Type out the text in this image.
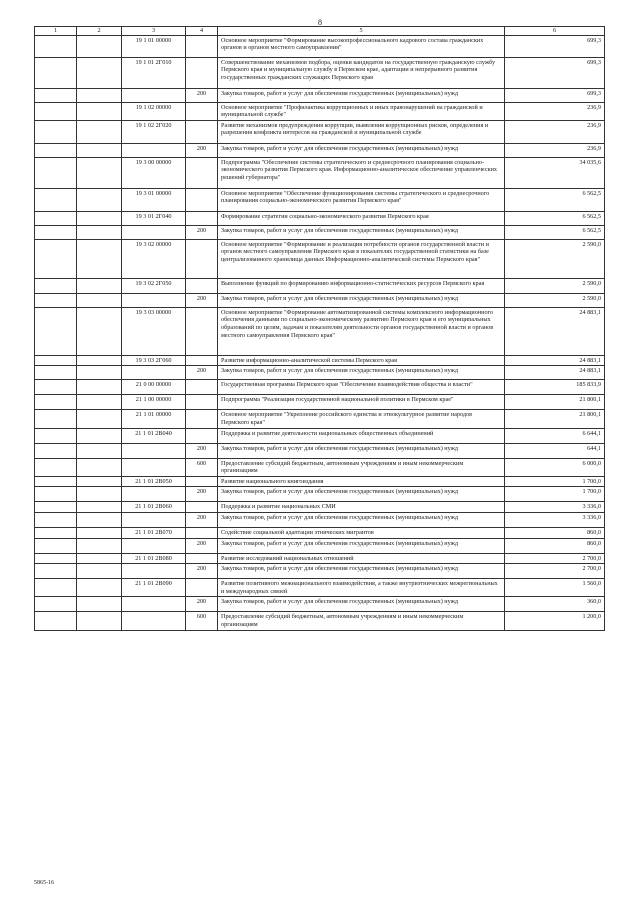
8
1	2	3	4	5	6
		19 1 01 00000		Основное мероприятие "Формирование высокопрофессионального кадрового состава гражданских органов и органов местного самоуправления"	699,3
		19 1 01 2Г010		Совершенствование механизмов подбора, оценки кандидатов на государственную гражданскую службу Пермского края и муниципальную службу в Пермском крае, адаптации и непрерывного развития государственных гражданских служащих Пермского края	699,3
			200	Закупка товаров, работ и услуг для обеспечения государственных (муниципальных) нужд	699,3
		19 1 02 00000		Основное мероприятие "Профилактика коррупционных и иных правонарушений на гражданской и муниципальной службе"	236,9
		19 1 02 2Г020		Развитие механизмов предупреждения коррупции, выявления коррупционных рисков, определения и разрешения конфликта интересов на гражданской и муниципальной службе	236,9
			200	Закупка товаров, работ и услуг для обеспечения государственных (муниципальных) нужд	236,9
		19 3 00 00000		Подпрограмма "Обеспечение системы стратегического и среднесрочного планирования социально-экономического развития Пермского края. Информационно-аналитическое обеспечение управленческих решений губернатора"	34 035,6
		19 3 01 00000		Основное мероприятие "Обеспечение функционирования системы стратегического и среднесрочного планирования социально-экономического развития Пермского края"	6 562,5
		19 3 01 2Г040		Формирование стратегии социально-экономического развития Пермского края	6 562,5
			200	Закупка товаров, работ и услуг для обеспечения государственных (муниципальных) нужд	6 562,5
		19 3 02 00000		Основное мероприятие "Формирование и реализация потребности органов государственной власти и органов местного самоуправления Пермского края в показателях государственной статистики на базе централизованного хранилища данных Информационно-аналитической системы Пермского края"	2 590,0
		19 3 02 2Г050		Выполнение функций по формированию информационно-статистических ресурсов Пермского края	2 590,0
			200	Закупка товаров, работ и услуг для обеспечения государственных (муниципальных) нужд	2 590,0
		19 3 03 00000		Основное мероприятие "Формирование автоматизированной системы комплексного информационного обеспечения данными по социально-экономическому развитию Пермского края и его муниципальных образований по целям, задачам и показателям деятельности органов государственной власти и органов местного самоуправления Пермского края"	24 883,1
		19 3 03 2Г060		Развитие информационно-аналитической системы Пермского края	24 883,1
			200	Закупка товаров, работ и услуг для обеспечения государственных (муниципальных) нужд	24 883,1
		21 0 00 00000		Государственная программа Пермского края "Обеспечение взаимодействия общества и власти"	185 833,9
		21 1 00 00000		Подпрограмма "Реализация государственной национальной политики в Пермском крае"	21 800,1
		21 1 01 00000		Основное мероприятие "Укрепление российского единства и этнокультурное развитие народов Пермского края"	21 800,1
		21 1 01 2В040		Поддержка и развитие деятельности национальных общественных объединений	6 644,1
			200	Закупка товаров, работ и услуг для обеспечения государственных (муниципальных) нужд	644,1
			600	Предоставление субсидий бюджетным, автономным учреждениям и иным некоммерческим организациям	6 000,0
		21 1 01 2В050		Развитие национального книгоиздания	1 700,0
			200	Закупка товаров, работ и услуг для обеспечения государственных (муниципальных) нужд	1 700,0
		21 1 01 2В060		Поддержка и развитие национальных СМИ	3 336,0
			200	Закупка товаров, работ и услуг для обеспечения государственных (муниципальных) нужд	3 336,0
		21 1 01 2В070		Содействие социальной адаптации этнических мигрантов	860,0
			200	Закупка товаров, работ и услуг для обеспечения государственных (муниципальных) нужд	860,0
		21 1 01 2В080		Развитие исследований национальных отношений	2 700,0
			200	Закупка товаров, работ и услуг для обеспечения государственных (муниципальных) нужд	2 700,0
		21 1 01 2В090		Развитие позитивного межнационального взаимодействия, а также внутриэтнических межрегиональных и международных связей	1 560,0
			200	Закупка товаров, работ и услуг для обеспечения государственных (муниципальных) нужд	360,0
			600	Предоставление субсидий бюджетным, автономным учреждениям и иным некоммерческим организациям	1 200,0
5865-16
